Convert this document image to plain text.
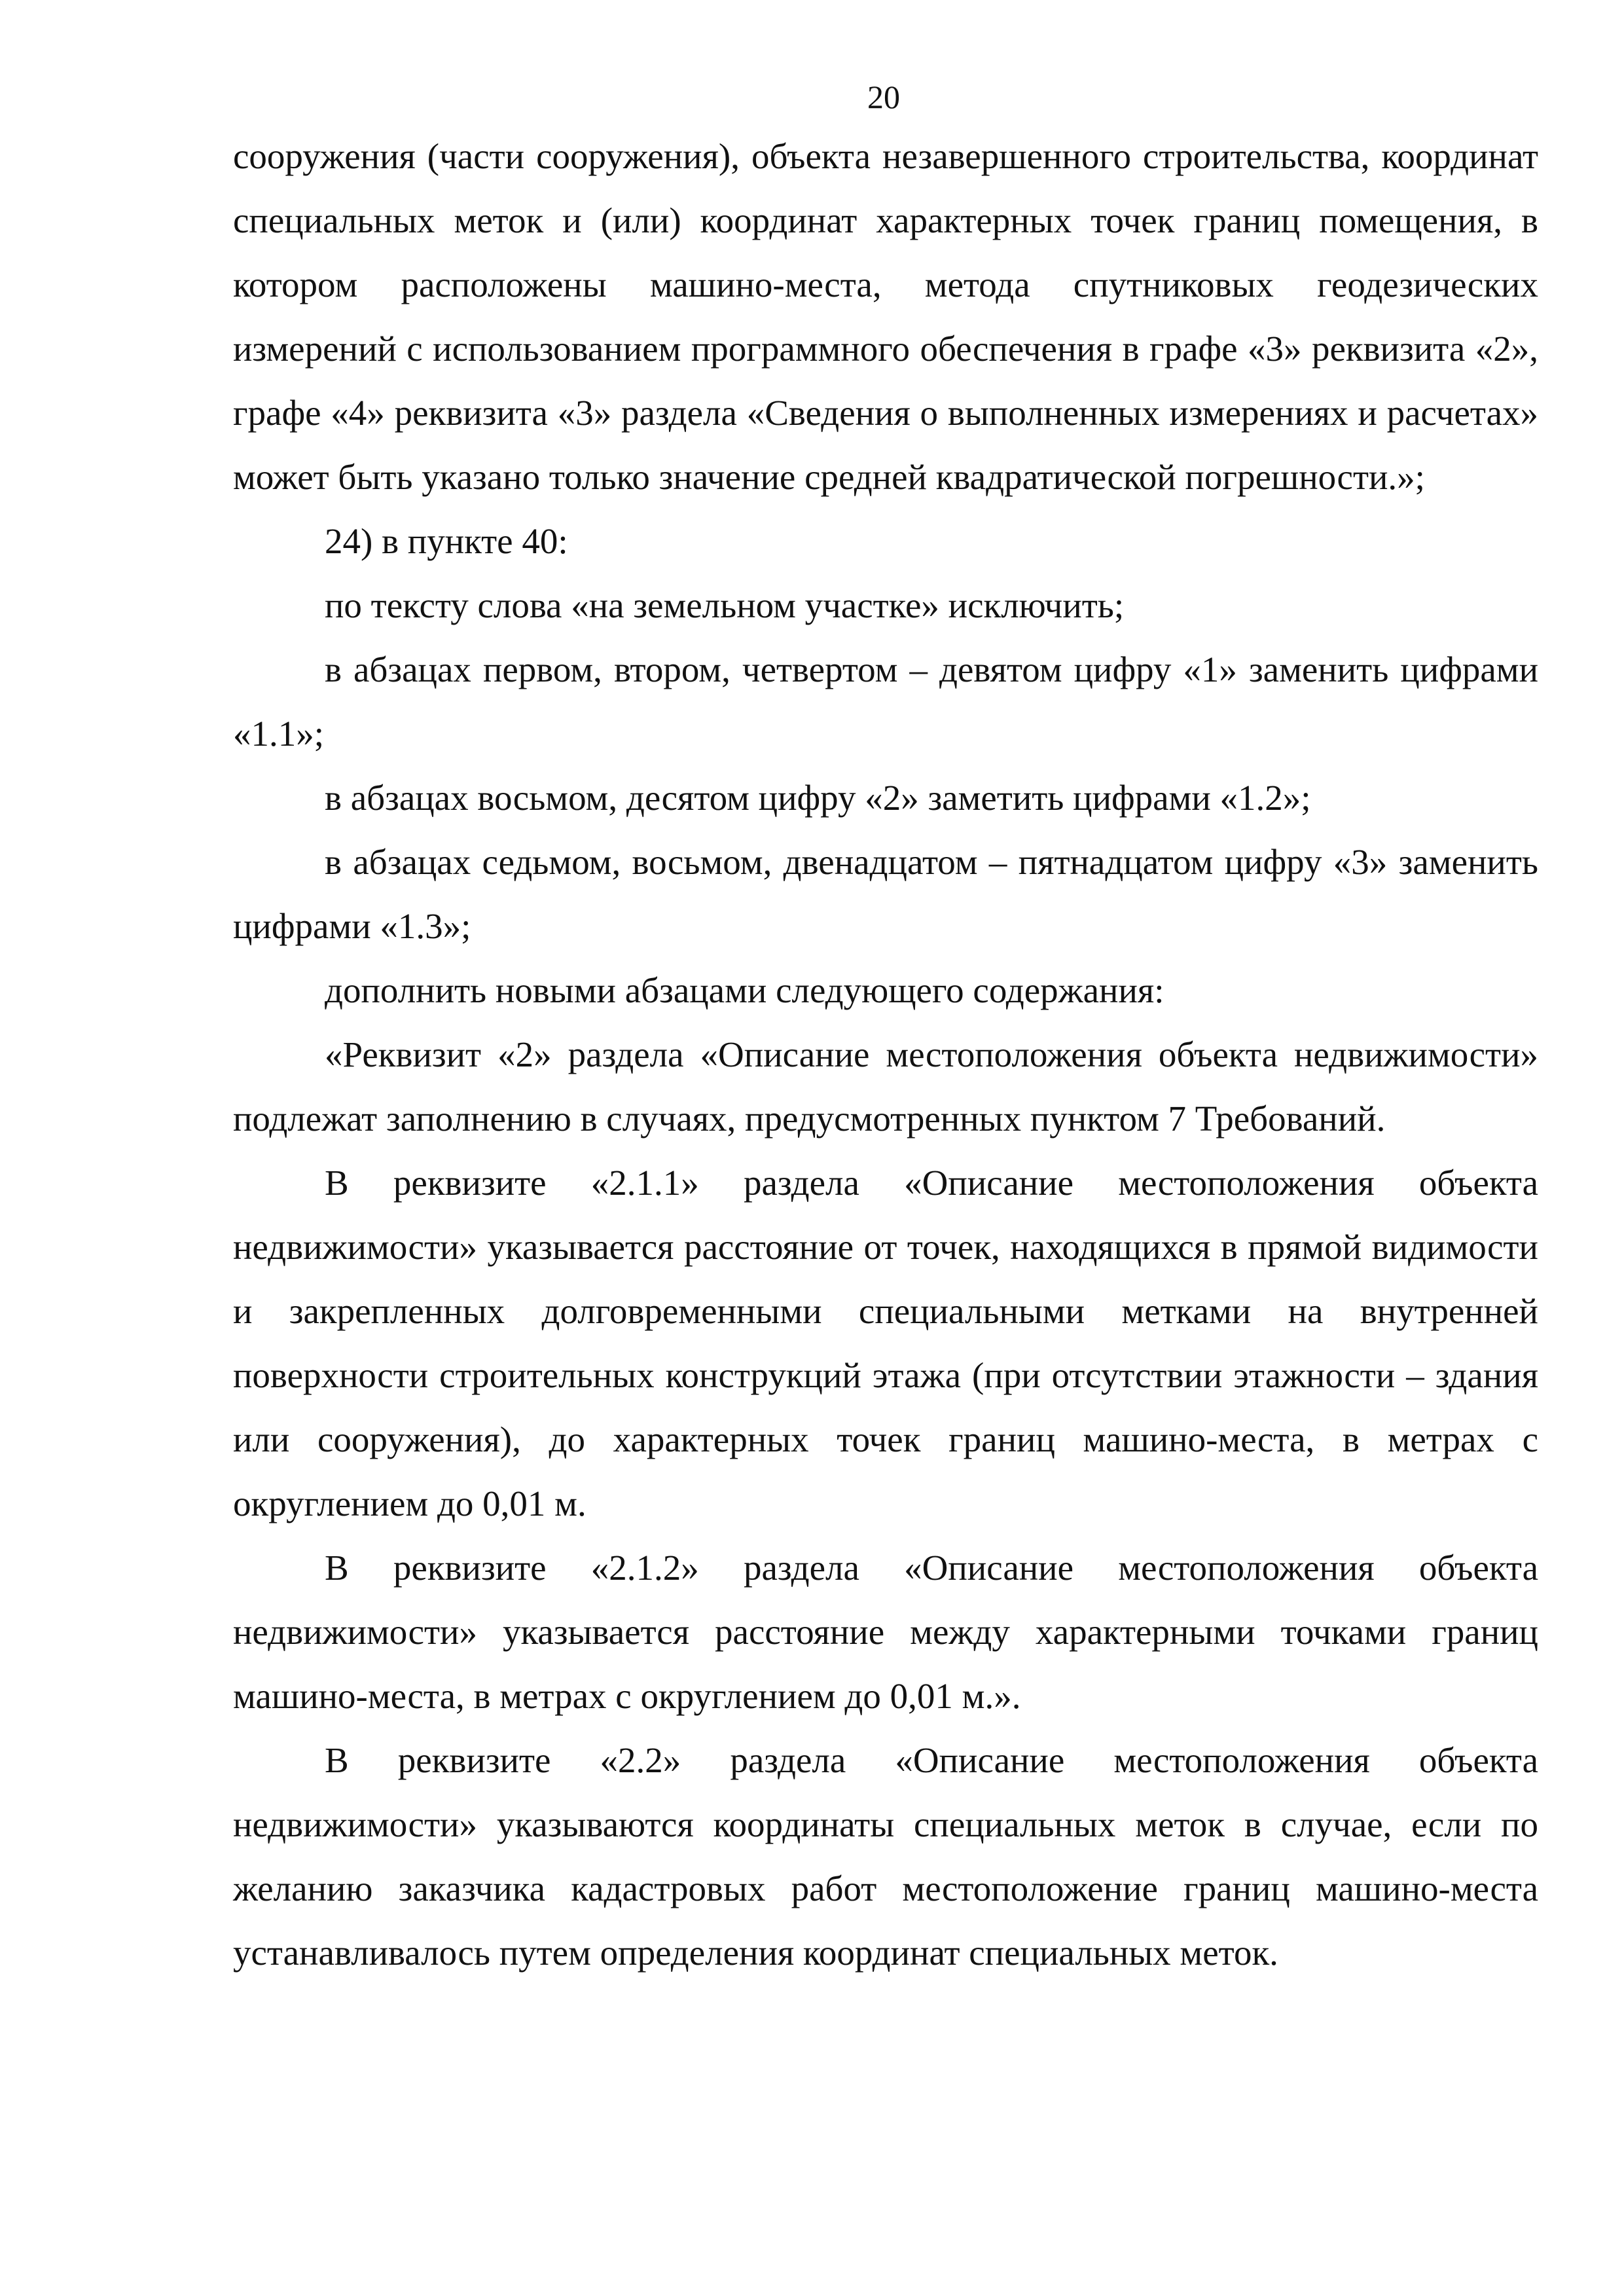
20

сооружения (части сооружения), объекта незавершенного строительства, координат специальных меток и (или) координат характерных точек границ помещения, в котором расположены машино-места, метода спутниковых геодезических измерений с использованием программного обеспечения в графе «3» реквизита «2», графе «4» реквизита «3» раздела «Сведения о выполненных измерениях и расчетах» может быть указано только значение средней квадратической погрешности.»;

24) в пункте 40:

по тексту слова «на земельном участке» исключить;

в абзацах первом, втором, четвертом – девятом цифру «1» заменить цифрами «1.1»;

в абзацах восьмом, десятом цифру «2» заметить цифрами «1.2»;

в абзацах седьмом, восьмом, двенадцатом – пятнадцатом цифру «3» заменить цифрами «1.3»;

дополнить новыми абзацами следующего содержания:

«Реквизит «2» раздела «Описание местоположения объекта недвижимости» подлежат заполнению в случаях, предусмотренных пунктом 7 Требований.

В реквизите «2.1.1» раздела «Описание местоположения объекта недвижимости» указывается расстояние от точек, находящихся в прямой видимости и закрепленных долговременными специальными метками на внутренней поверхности строительных конструкций этажа (при отсутствии этажности – здания или сооружения), до характерных точек границ машино-места, в метрах с округлением до 0,01 м.

В реквизите «2.1.2» раздела «Описание местоположения объекта недвижимости» указывается расстояние между характерными точками границ машино-места, в метрах с округлением до 0,01 м.».

В реквизите «2.2» раздела «Описание местоположения объекта недвижимости» указываются координаты специальных меток в случае, если по желанию заказчика кадастровых работ местоположение границ машино-места устанавливалось путем определения координат специальных меток.
